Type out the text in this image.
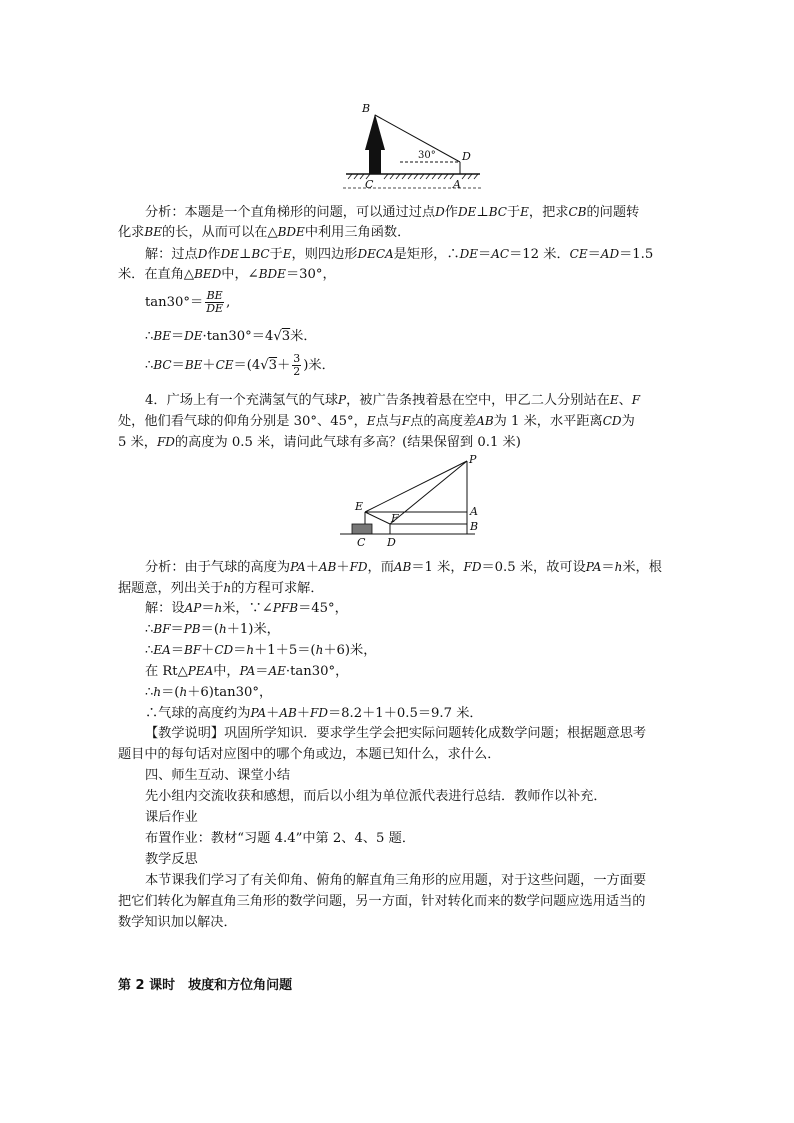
B
D
C	A
30°
分析：本题是一个直角梯形的问题，可以通过过点D作DE⊥BC于E，把求CB的问题转
化求BE的长，从而可以在△BDE中利用三角函数．
解：过点D作DE⊥BC于E，则四边形DECA是矩形，∴DE＝AC＝12 米．CE＝AD＝1.5
米．在直角△BED中，∠BDE＝30°，
$\tan 30^\circ= \frac{BE}{DE}$ ,
∴BE＝DE·tan30°＝4√3米．
∴BC＝BE＋CE＝(4√3＋ $\frac{3}{2}$ )米．
4．广场上有一个充满氢气的气球P，被广告条拽着悬在空中，甲乙二人分别站在E、F
处，他们看气球的仰角分别是 30°、45°，E点与F点的高度差AB为 1 米，水平距离CD为
5 米，FD的高度为 0.5 米，请问此气球有多高？(结果保留到 0.1 米)
P
E
F
A
B
C D
分析：由于气球的高度为PA＋AB＋FD，而AB＝1 米，FD＝0.5 米，故可设PA＝h米，根
据题意，列出关于h的方程可求解．
解：设AP＝h米，∵∠PFB＝45°，
∴BF＝PB＝(h＋1)米，
∴EA＝BF＋CD＝h＋1＋5＝(h＋6)米，
在 Rt△PEA中，PA＝AE·tan30°，
∴h＝(h＋6)tan30°，
∴气球的高度约为PA＋AB＋FD＝8.2＋1＋0.5＝9.7 米．
【教学说明】巩固所学知识．要求学生学会把实际问题转化成数学问题；根据题意思考
题目中的每句话对应图中的哪个角或边，本题已知什么，求什么．
四、师生互动、课堂小结
先小组内交流收获和感想，而后以小组为单位派代表进行总结．教师作以补充．
课后作业
布置作业：教材“习题 4.4”中第 2、4、5 题．
教学反思
本节课我们学习了有关仰角、俯角的解直角三角形的应用题，对于这些问题，一方面要
把它们转化为解直角三角形的数学问题，另一方面，针对转化而来的数学问题应选用适当的
数学知识加以解决．
第 2 课时　坡度和方位角问题
